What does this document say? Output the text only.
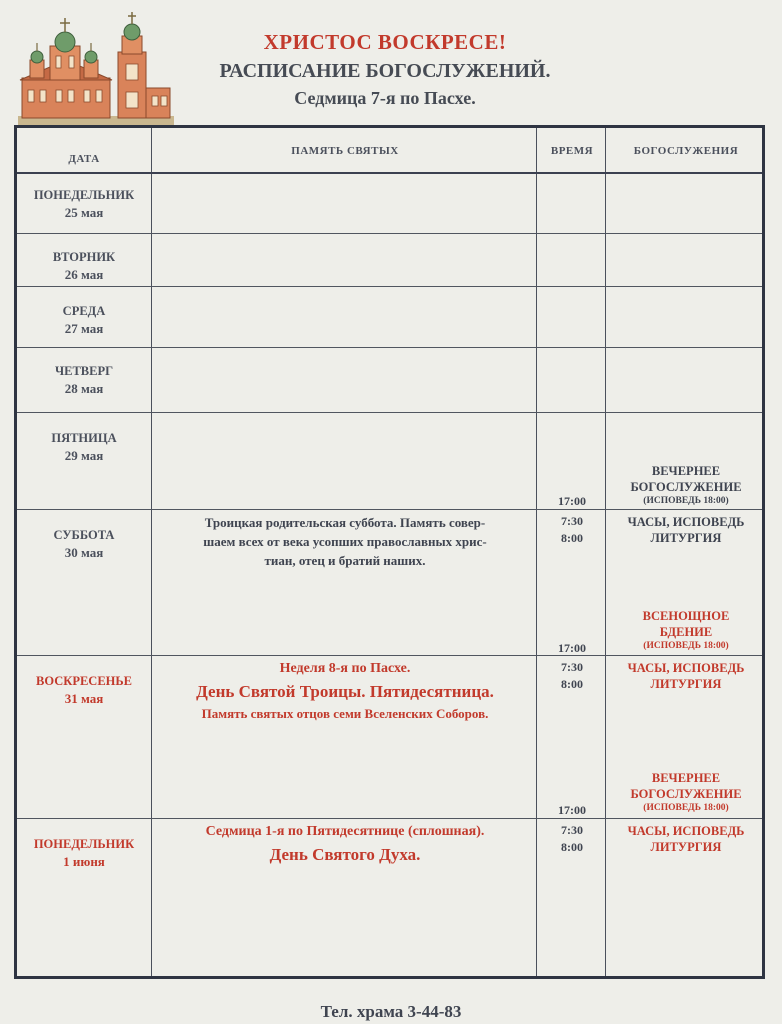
ХРИСТОС ВОСКРЕСЕ!
РАСПИСАНИЕ БОГОСЛУЖЕНИЙ.
Седмица 7-я по Пасхе.
ДАТА
ПАМЯТЬ СВЯТЫХ	ВРЕМЯ	БОГОСЛУЖЕНИЯ
ПОНЕДЕЛЬНИК
25 мая
ВТОРНИК
26 мая
СРЕДА
27 мая
ЧЕТВЕРГ
28 мая
ПЯТНИЦА
29 мая
17:00
ВЕЧЕРНЕЕ
БОГОСЛУЖЕНИЕ
(ИСПОВЕДЬ 18:00)
СУББОТА
30 мая
Троицкая родительская суббота. Память совер-
шаем всех от века усопших православных хрис-
тиан, отец и братий наших.
7:30
8:00
17:00
ЧАСЫ, ИСПОВЕДЬ
ЛИТУРГИЯ
ВСЕНОЩНОЕ
БДЕНИЕ
(ИСПОВЕДЬ 18:00)
ВОСКРЕСЕНЬЕ
31 мая
Неделя 8-я по Пасхе.
День Святой Троицы. Пятидесятница.
Память святых отцов семи Вселенских Соборов.
7:30
8:00
17:00
ЧАСЫ, ИСПОВЕДЬ
ЛИТУРГИЯ
ВЕЧЕРНЕЕ
БОГОСЛУЖЕНИЕ
(ИСПОВЕДЬ 18:00)
ПОНЕДЕЛЬНИК
1 июня
Седмица 1-я по Пятидесятнице (сплошная).
День Святого Духа.
7:30
8:00
ЧАСЫ, ИСПОВЕДЬ
ЛИТУРГИЯ
Тел. храма 3-44-83
